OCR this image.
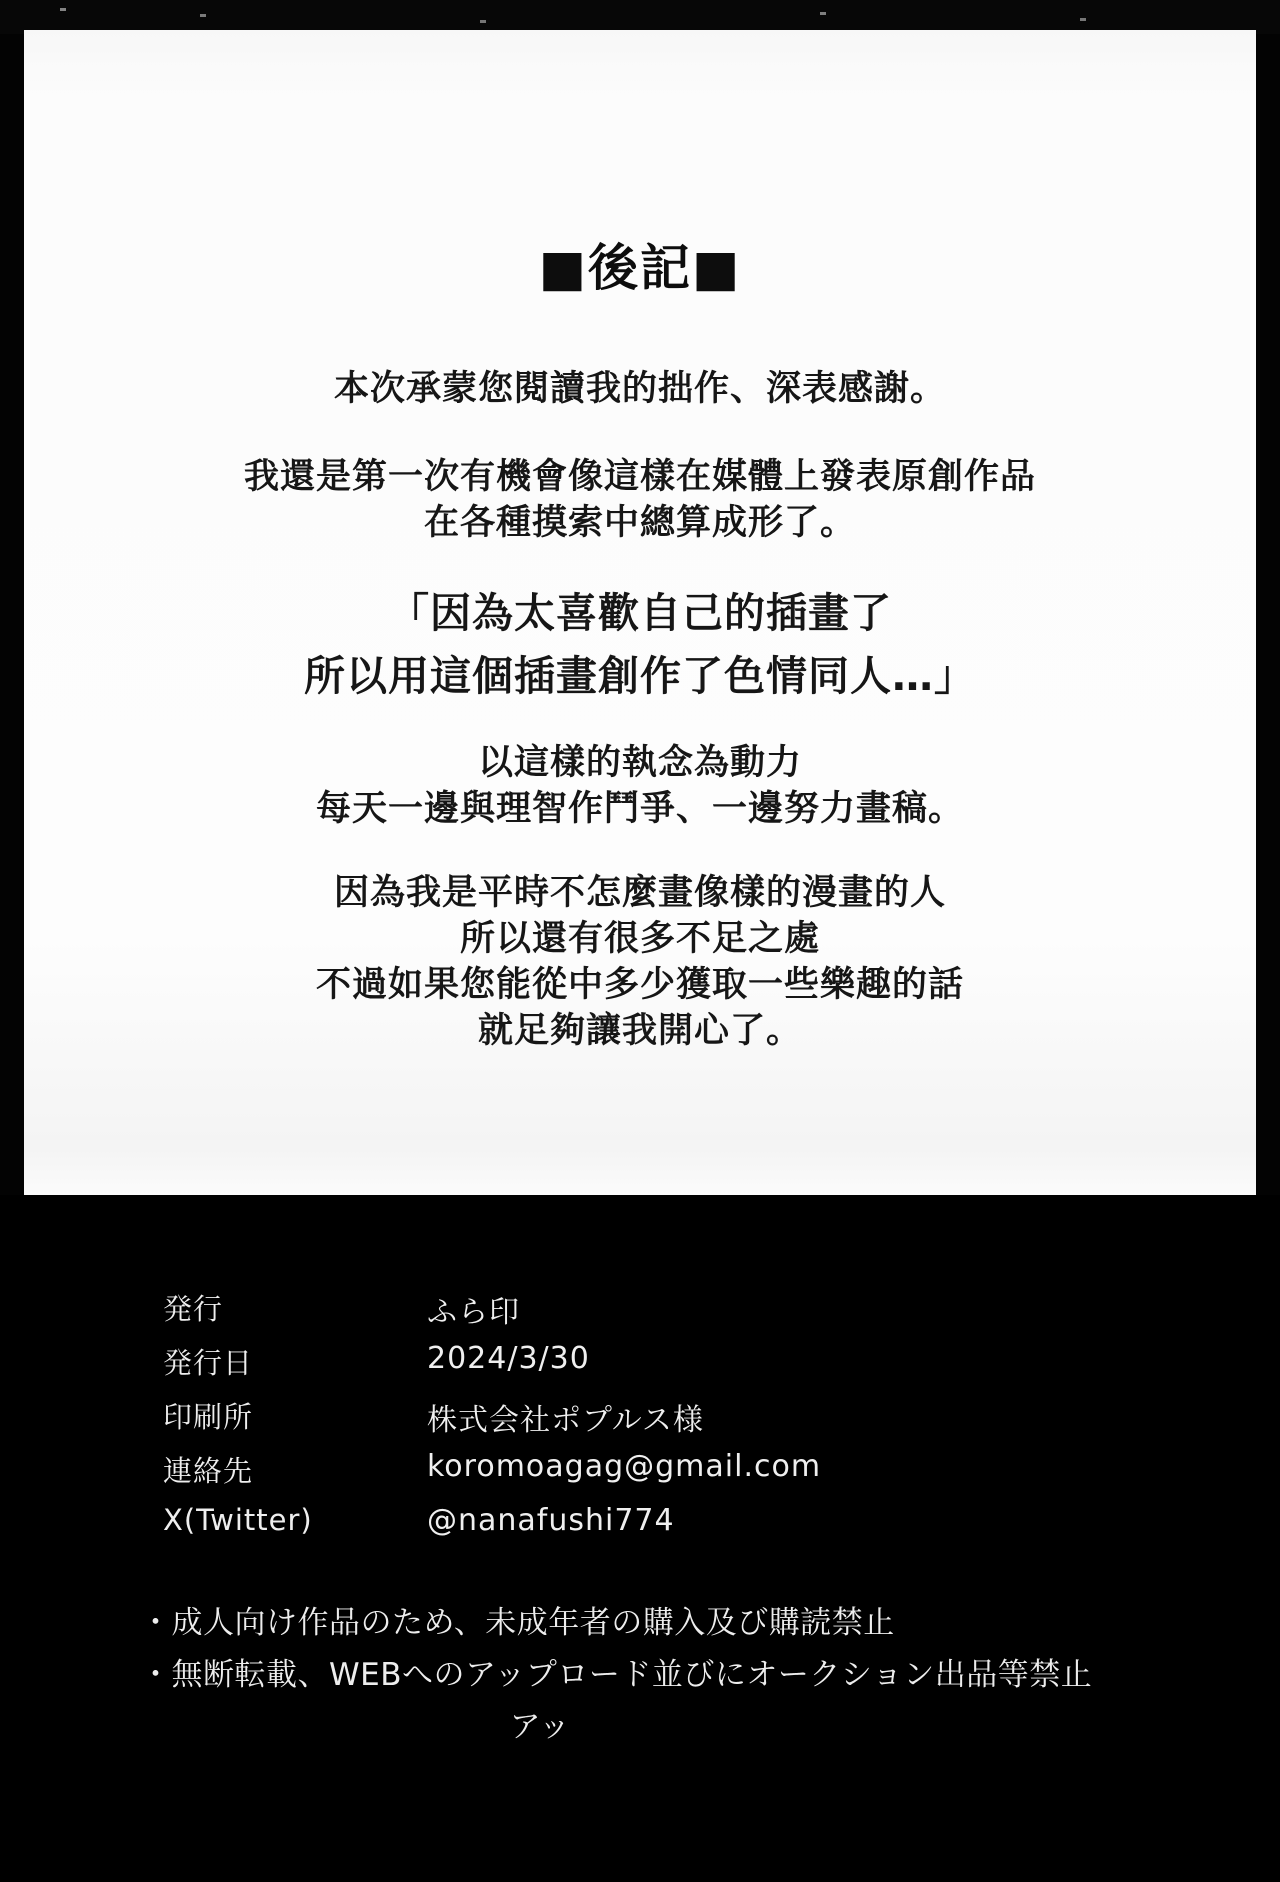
■後記■
本次承蒙您閱讀我的拙作、深表感謝。
我還是第一次有機會像這樣在媒體上發表原創作品
在各種摸索中總算成形了。
「因為太喜歡自己的插畫了
所以用這個插畫創作了色情同人…」
以這樣的執念為動力
每天一邊與理智作鬥爭、一邊努力畫稿。
因為我是平時不怎麼畫像樣的漫畫的人
所以還有很多不足之處
不過如果您能從中多少獲取一些樂趣的話
就足夠讓我開心了。
発行	ふら印
発行日	2024/3/30
印刷所	株式会社ポプルス様
連絡先	koromoagag@gmail.com
X(Twitter)	@nanafushi774
・成人向け作品のため、未成年者の購入及び購読禁止
・無断転載、WEBへのアップロード並びにオークション出品等禁止
アッ
